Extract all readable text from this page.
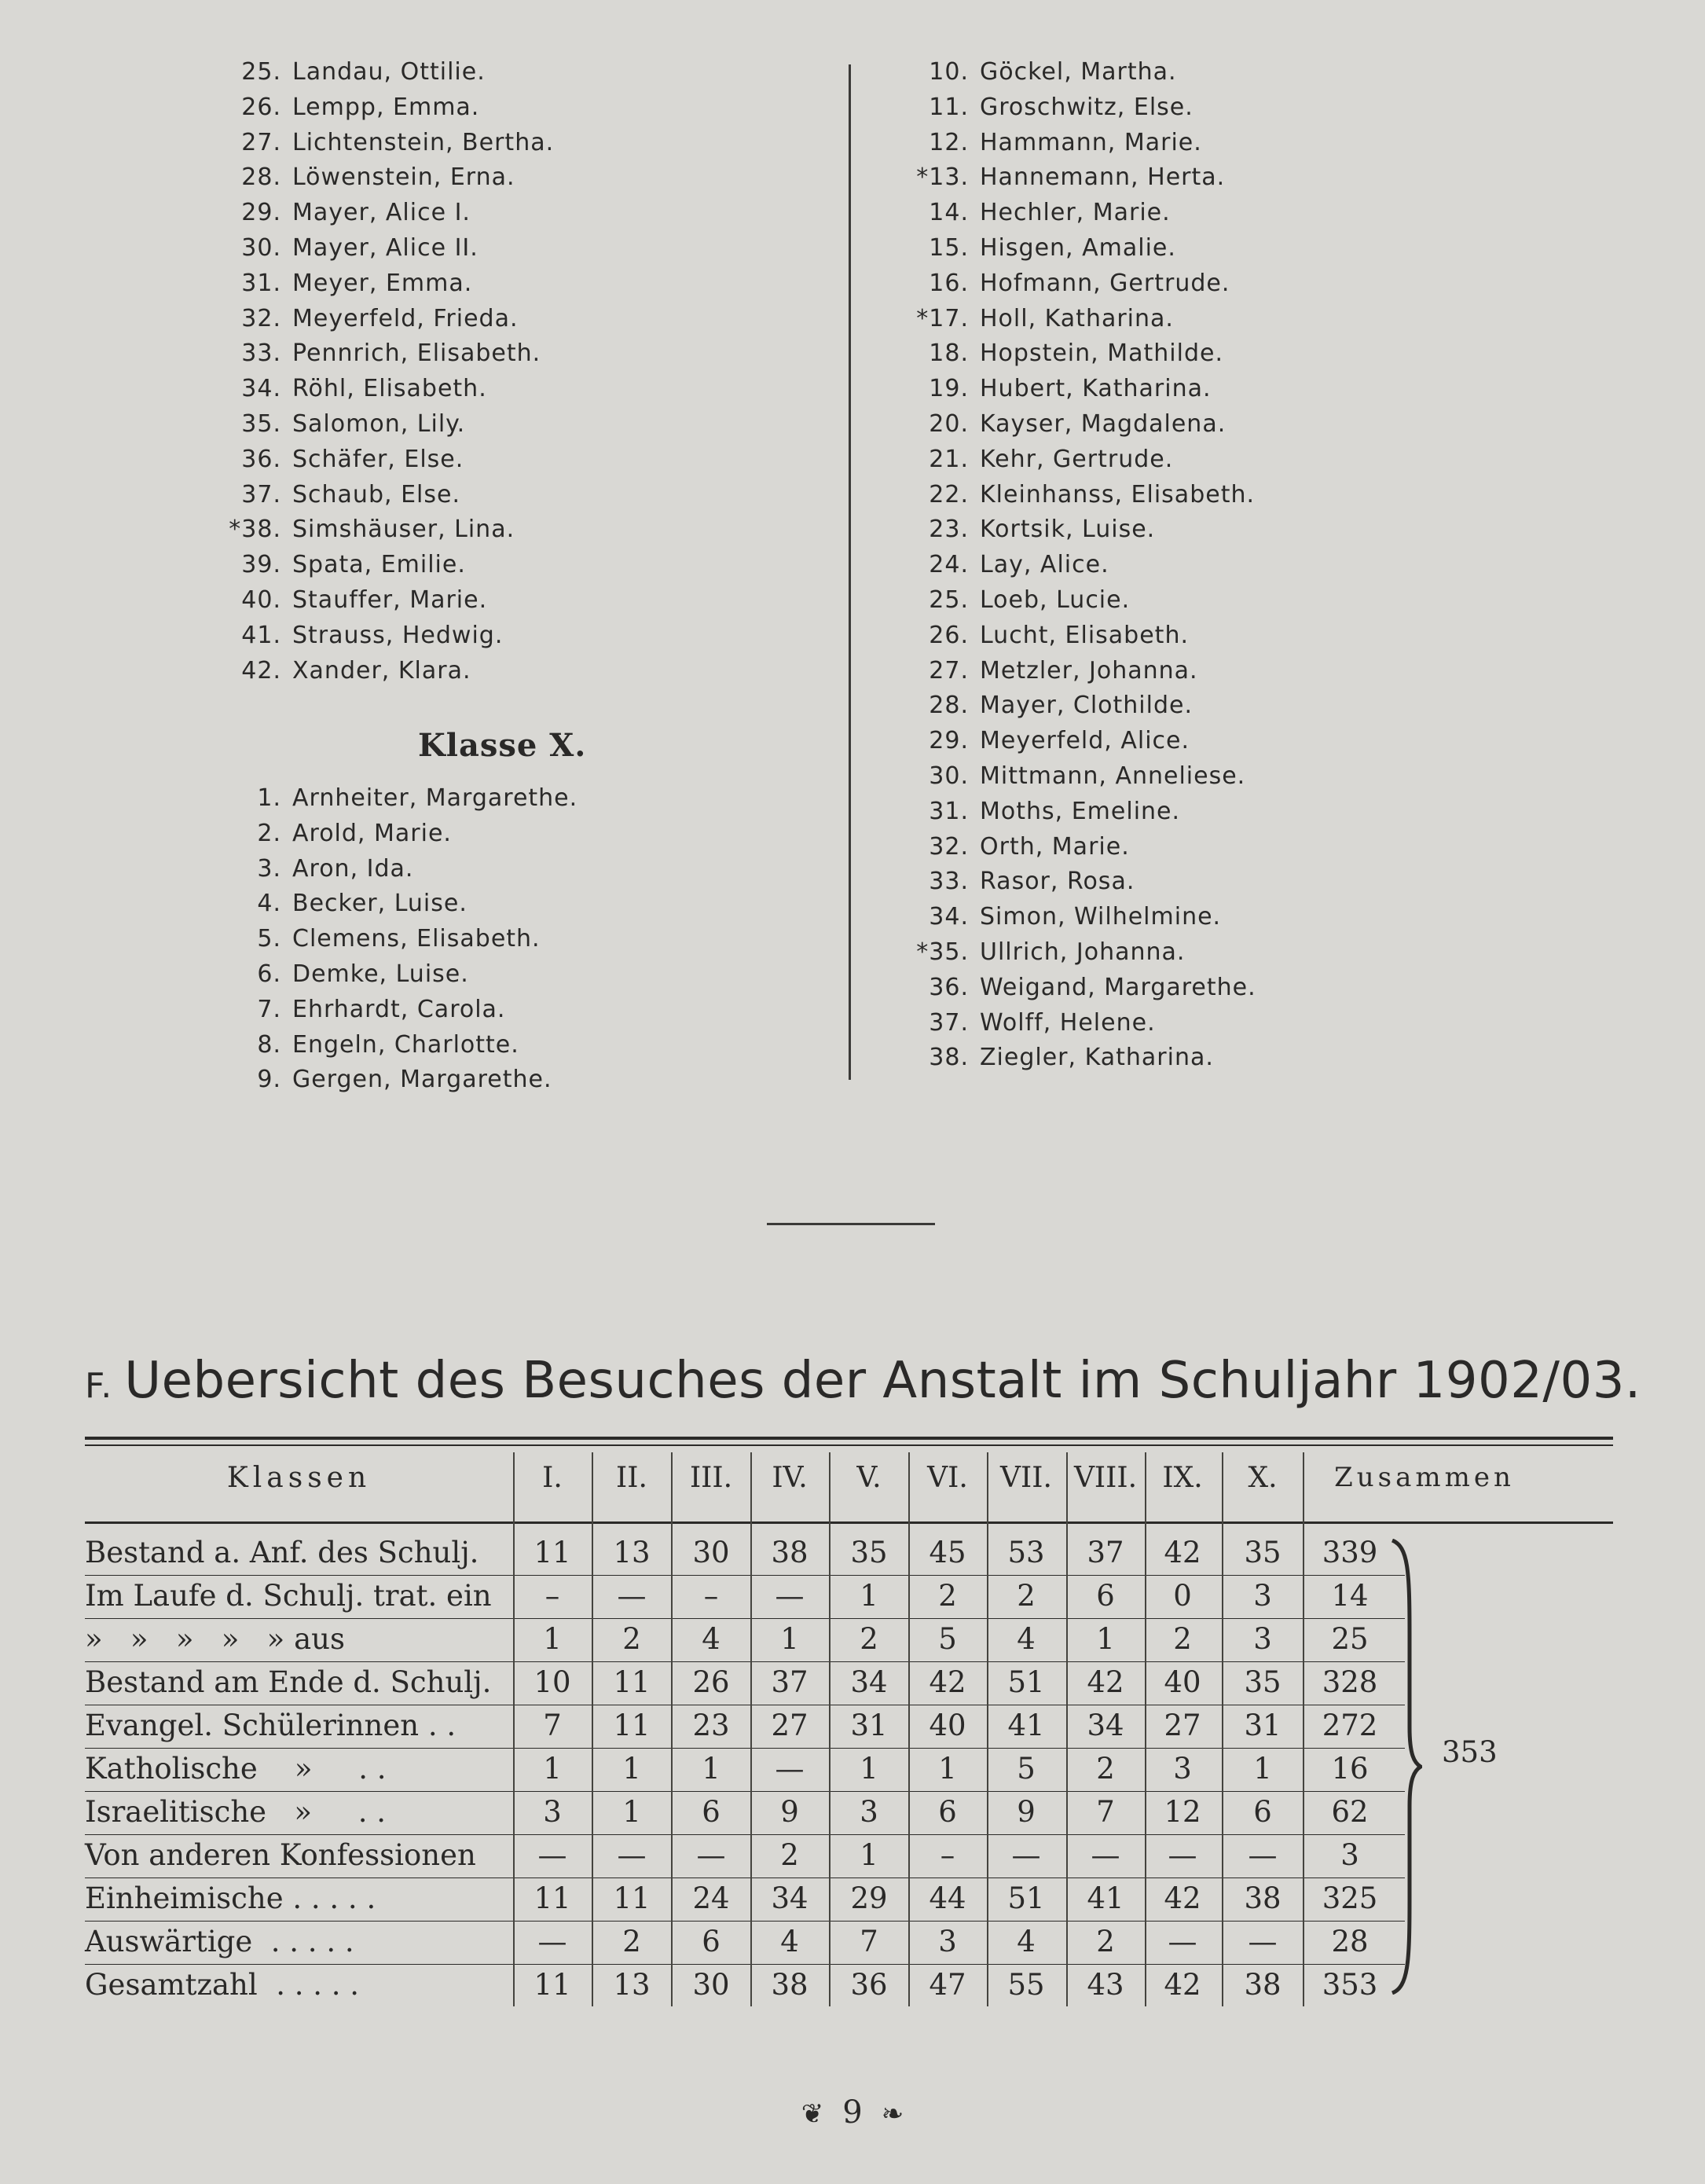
25. Landau, Ottilie.
26. Lempp, Emma.
27. Lichtenstein, Bertha.
28. Löwenstein, Erna.
29. Mayer, Alice I.
30. Mayer, Alice II.
31. Meyer, Emma.
32. Meyerfeld, Frieda.
33. Pennrich, Elisabeth.
34. Röhl, Elisabeth.
35. Salomon, Lily.
36. Schäfer, Else.
37. Schaub, Else.
*38. Simshäuser, Lina.
39. Spata, Emilie.
40. Stauffer, Marie.
41. Strauss, Hedwig.
42. Xander, Klara.
Klasse X.
1. Arnheiter, Margarethe.
2. Arold, Marie.
3. Aron, Ida.
4. Becker, Luise.
5. Clemens, Elisabeth.
6. Demke, Luise.
7. Ehrhardt, Carola.
8. Engeln, Charlotte.
9. Gergen, Margarethe.
10. Göckel, Martha.
11. Groschwitz, Else.
12. Hammann, Marie.
*13. Hannemann, Herta.
14. Hechler, Marie.
15. Hisgen, Amalie.
16. Hofmann, Gertrude.
*17. Holl, Katharina.
18. Hopstein, Mathilde.
19. Hubert, Katharina.
20. Kayser, Magdalena.
21. Kehr, Gertrude.
22. Kleinhanss, Elisabeth.
23. Kortsik, Luise.
24. Lay, Alice.
25. Loeb, Lucie.
26. Lucht, Elisabeth.
27. Metzler, Johanna.
28. Mayer, Clothilde.
29. Meyerfeld, Alice.
30. Mittmann, Anneliese.
31. Moths, Emeline.
32. Orth, Marie.
33. Rasor, Rosa.
34. Simon, Wilhelmine.
*35. Ullrich, Johanna.
36. Weigand, Margarethe.
37. Wolff, Helene.
38. Ziegler, Katharina.
F. Uebersicht des Besuches der Anstalt im Schuljahr 1902/03.
Klassen	I.	II.	III.	IV.	V.	VI.	VII. VIII. IX.	X.	Zusammen
Bestand a. Anf. des Schulj.	11	13	30	38	35	45	53	37	42	35	339
Im Laufe d. Schulj. trat. ein	–	—	–	—	1	2	2	6	0	3	14
»   »   »   »   » aus	1	2	4	1	2	5	4	1	2	3	25
Bestand am Ende d. Schulj.	10	11	26	37	34	42	51	42	40	35	328
Evangel. Schülerinnen . .	7	11	23	27	31	40	41	34	27	31	272
Katholische    »     . .	1	1	1	—	1	1	5	2	3	1	16
Israelitische   »     . .	3	1	6	9	3	6	9	7	12	6	62
Von anderen Konfessionen	—	—	—	2	1	–	—	—	—	—	3
Einheimische . . . . .	11	11	24	34	29	44	51	41	42	38	325
Auswärtige  . . . . .	—	2	6	4	7	3	4	2	—	—	28
Gesamtzahl  . . . . .	11	13	30	38	36	47	55	43	42	38	353
353
❦ 9 ❧
